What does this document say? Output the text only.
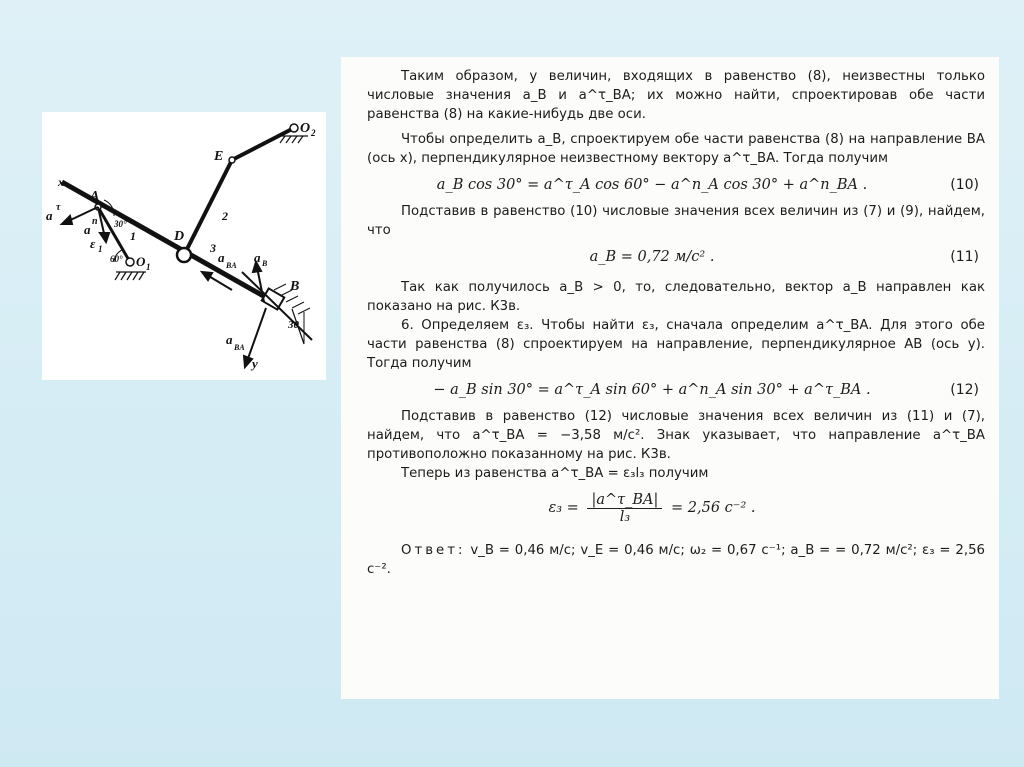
x
A
a
τ
a
n
ε 1
30°
1
60° O 1
D
2
3
E
O 2
a
BA
a B
B
30
a
BA
y

Таким образом, у величин, входящих в равенство (8), неизвестны только числовые значения a_B и a^τ_BA; их можно найти, спроектировав обе части равенства (8) на какие-нибудь две оси.

Чтобы определить a_B, спроектируем обе части равенства (8) на направление BA (ось x), перпендикулярное неизвестному вектору a^τ_BA. Тогда получим

a_B cos 30° = a^τ_A cos 60° − a^n_A cos 30° + a^n_BA .	(10)

Подставив в равенство (10) числовые значения всех величин из (7) и (9), найдем, что

a_B = 0,72 м/с² .	(11)

Так как получилось a_B > 0, то, следовательно, вектор a_B направлен как показано на рис. К3в.

6. Определяем ε₃. Чтобы найти ε₃, сначала определим a^τ_BA. Для этого обе части равенства (8) спроектируем на направление, перпендикулярное AB (ось y). Тогда получим

− a_B sin 30° = a^τ_A sin 60° + a^n_A sin 30° + a^τ_BA .	(12)

Подставив в равенство (12) числовые значения всех величин из (11) и (7), найдем, что a^τ_BA = −3,58 м/с². Знак указывает, что направление a^τ_BA противоположно показанному на рис. К3в.

Теперь из равенства a^τ_BA = ε₃l₃ получим

$\varepsilon_3 = \frac{|a\^{}\tau\_BA|}{\text{l₃}} = 2,56$ с⁻² .

Ответ: v_B = 0,46 м/с; v_E = 0,46 м/с; ω₂ = 0,67 с⁻¹; a_B = = 0,72 м/с²; ε₃ = 2,56 с⁻².
